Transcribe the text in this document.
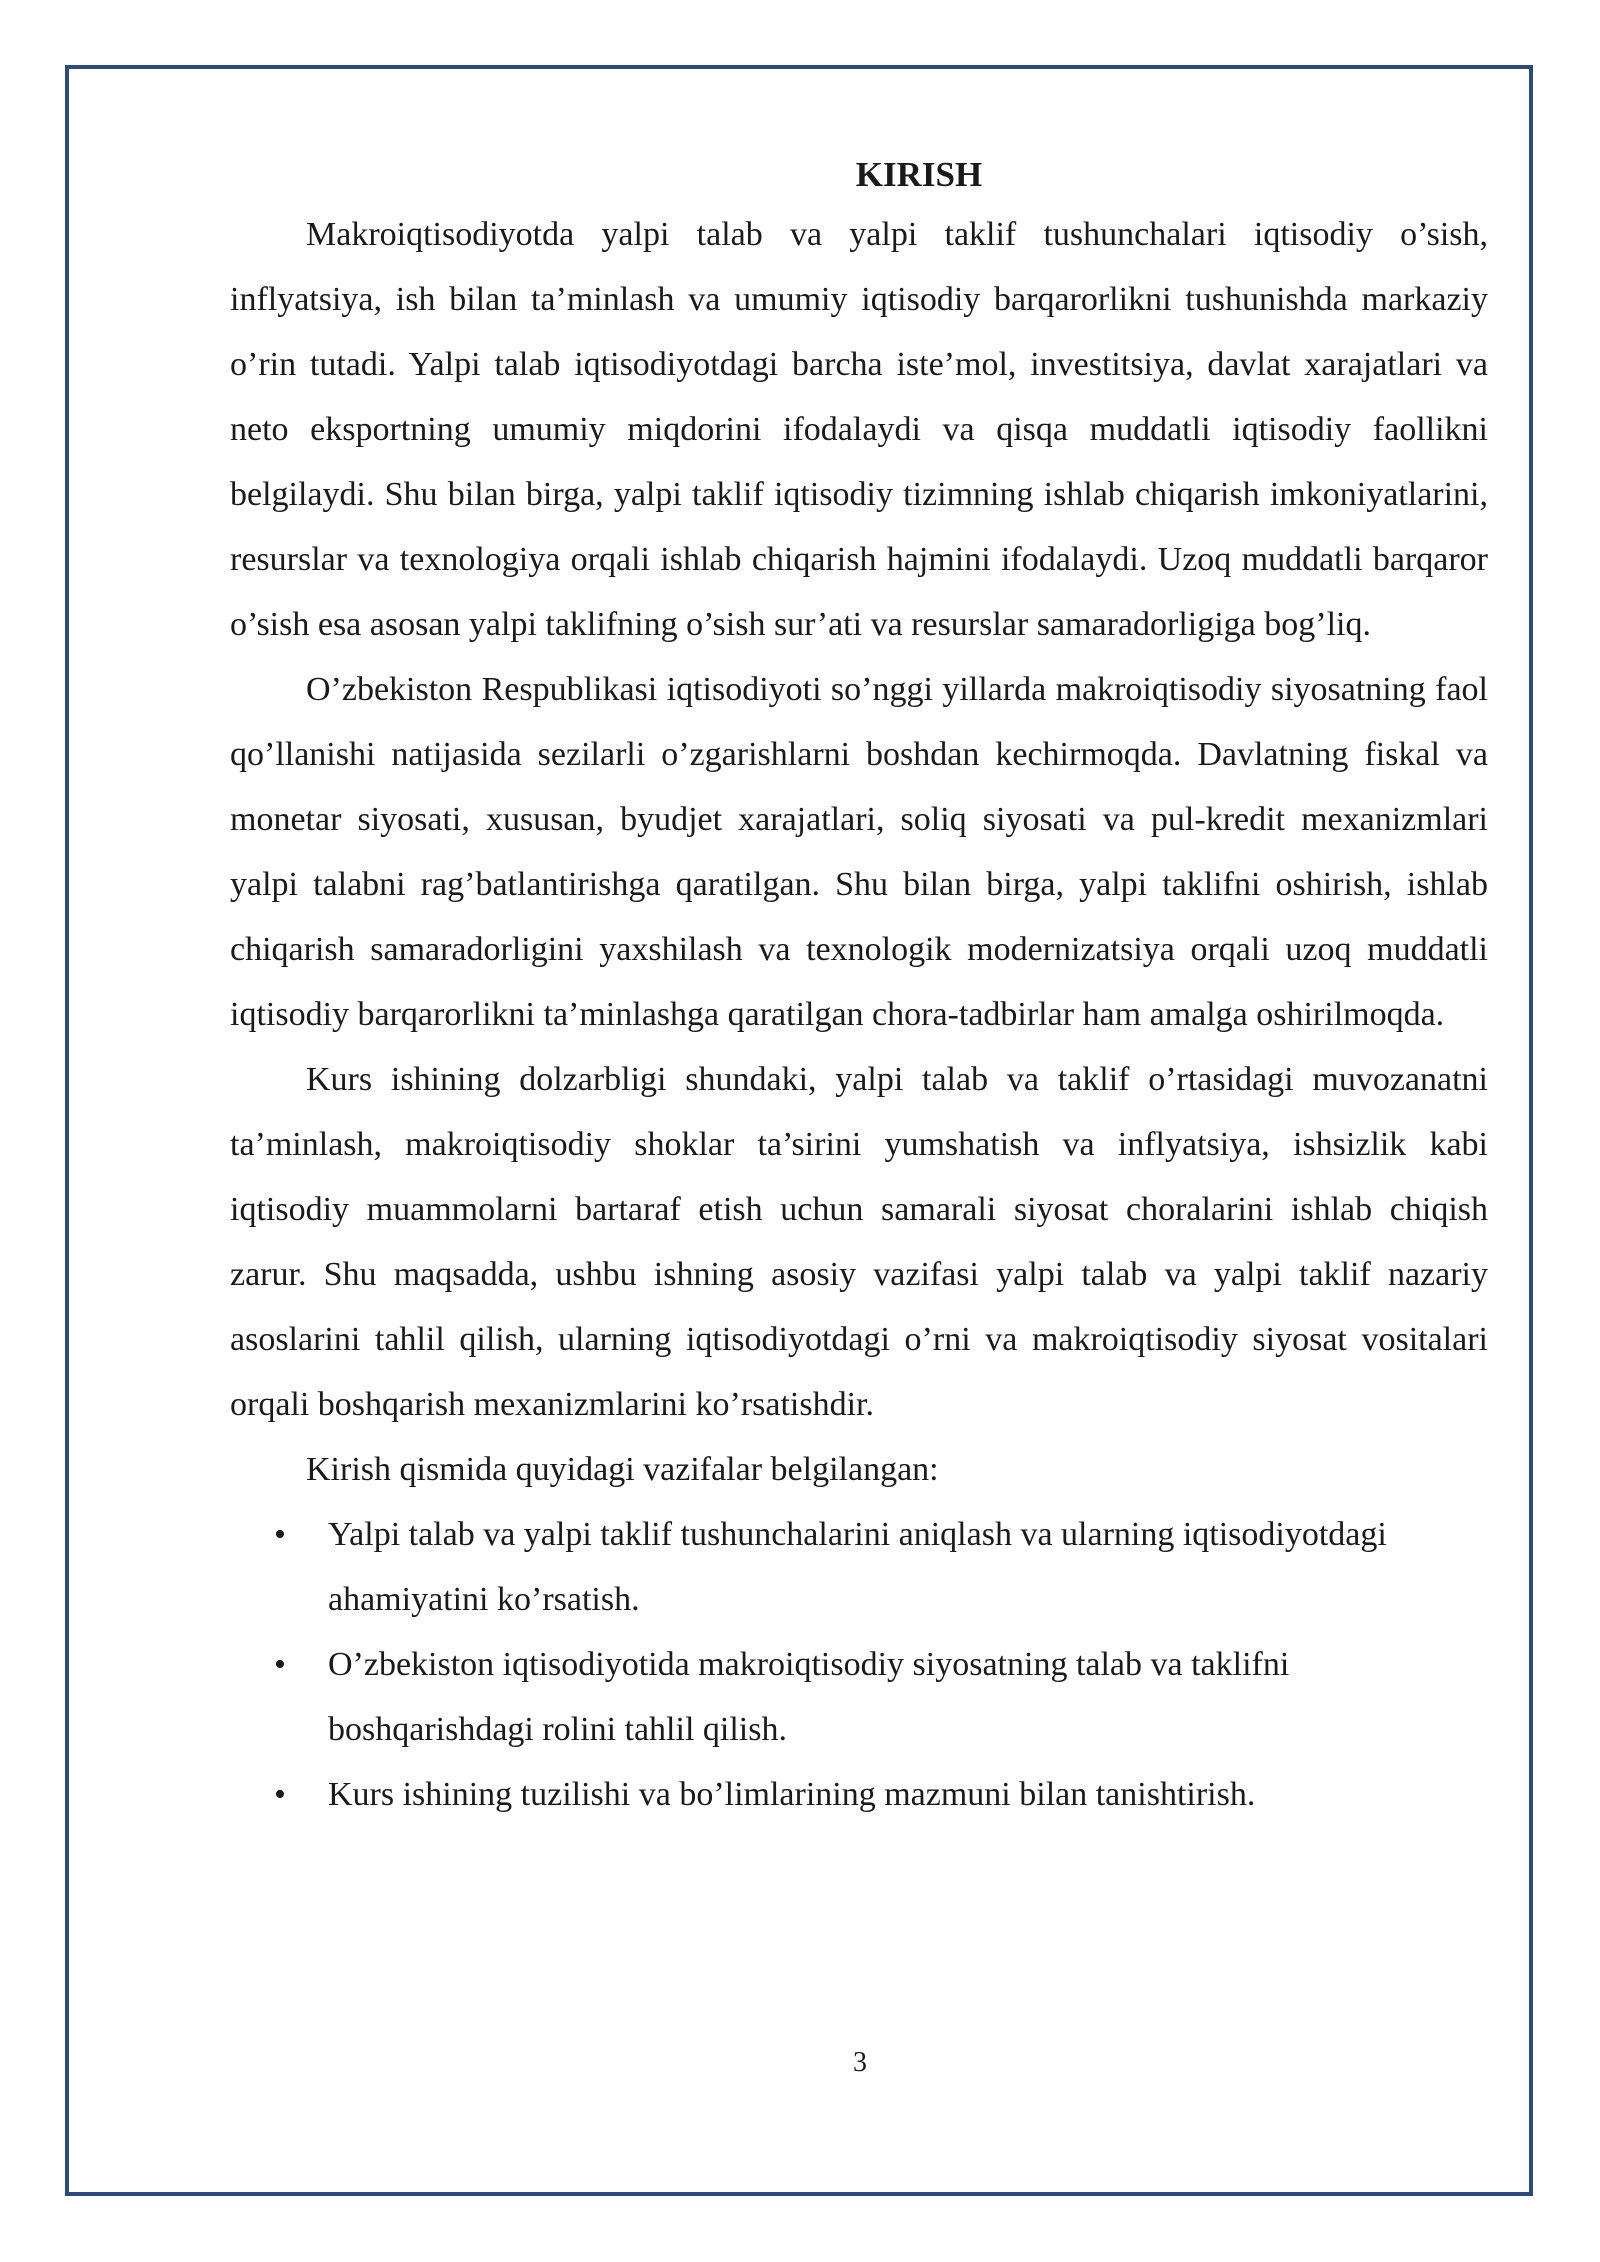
KIRISH

Makroiqtisodiyotda yalpi talab va yalpi taklif tushunchalari iqtisodiy o’sish, inflyatsiya, ish bilan ta’minlash va umumiy iqtisodiy barqarorlikni tushunishda markaziy o’rin tutadi. Yalpi talab iqtisodiyotdagi barcha iste’mol, investitsiya, davlat xarajatlari va neto eksportning umumiy miqdorini ifodalaydi va qisqa muddatli iqtisodiy faollikni belgilaydi. Shu bilan birga, yalpi taklif iqtisodiy tizimning ishlab chiqarish imkoniyatlarini, resurslar va texnologiya orqali ishlab chiqarish hajmini ifodalaydi. Uzoq muddatli barqaror o’sish esa asosan yalpi taklifning o’sish sur’ati va resurslar samaradorligiga bog’liq.

O’zbekiston Respublikasi iqtisodiyoti so’nggi yillarda makroiqtisodiy siyosatning faol qo’llanishi natijasida sezilarli o’zgarishlarni boshdan kechirmoqda. Davlatning fiskal va monetar siyosati, xususan, byudjet xarajatlari, soliq siyosati va pul-kredit mexanizmlari yalpi talabni rag’batlantirishga qaratilgan. Shu bilan birga, yalpi taklifni oshirish, ishlab chiqarish samaradorligini yaxshilash va texnologik modernizatsiya orqali uzoq muddatli iqtisodiy barqarorlikni ta’minlashga qaratilgan chora-tadbirlar ham amalga oshirilmoqda.

Kurs ishining dolzarbligi shundaki, yalpi talab va taklif o’rtasidagi muvozanatni ta’minlash, makroiqtisodiy shoklar ta’sirini yumshatish va inflyatsiya, ishsizlik kabi iqtisodiy muammolarni bartaraf etish uchun samarali siyosat choralarini ishlab chiqish zarur. Shu maqsadda, ushbu ishning asosiy vazifasi yalpi talab va yalpi taklif nazariy asoslarini tahlil qilish, ularning iqtisodiyotdagi o’rni va makroiqtisodiy siyosat vositalari orqali boshqarish mexanizmlarini ko’rsatishdir.

Kirish qismida quyidagi vazifalar belgilangan:

• Yalpi talab va yalpi taklif tushunchalarini aniqlash va ularning iqtisodiyotdagi ahamiyatini ko’rsatish.
• O’zbekiston iqtisodiyotida makroiqtisodiy siyosatning talab va taklifni boshqarishdagi rolini tahlil qilish.
• Kurs ishining tuzilishi va bo’limlarining mazmuni bilan tanishtirish.
3
